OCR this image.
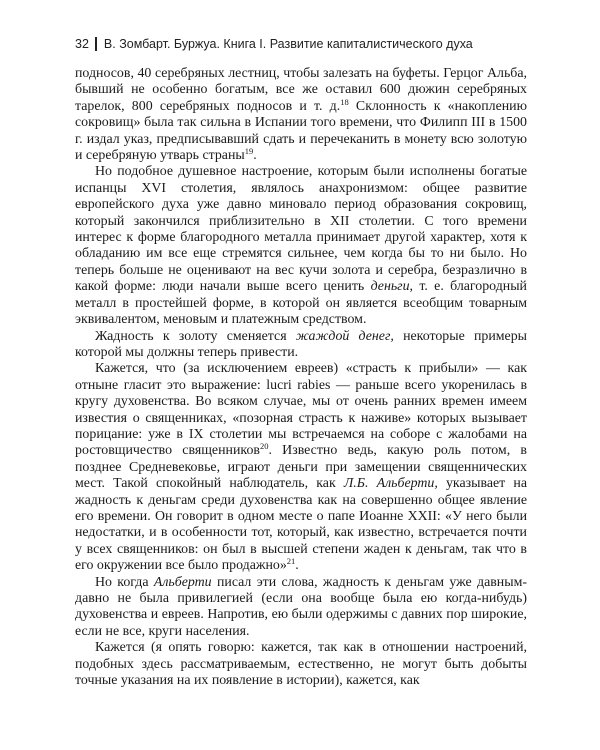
32 В. Зомбарт. Буржуа. Книга I. Развитие капиталистического духа

подносов, 40 серебряных лестниц, чтобы залезать на буфеты. Герцог Альба, бывший не особенно богатым, все же оставил 600 дюжин серебряных тарелок, 800 серебряных подносов и т. д.$^{18}$ Склонность к «накоплению сокровищ» была так сильна в Испании того времени, что Филипп III в 1500 г. издал указ, предписывавший сдать и перечеканить в монету всю золотую и серебряную утварь страны$^{19}$.

Но подобное душевное настроение, которым были исполнены богатые испанцы XVI столетия, являлось анахронизмом: общее развитие европейского духа уже давно миновало период образования сокровищ, который закончился приблизительно в XII столетии. С того времени интерес к форме благородного металла принимает другой характер, хотя к обладанию им все еще стремятся сильнее, чем когда бы то ни было. Но теперь больше не оценивают на вес кучи золота и серебра, безразлично в какой форме: люди начали выше всего ценить деньги, т. е. благородный металл в простейшей форме, в которой он является всеобщим товарным эквивалентом, меновым и платежным средством.

Жадность к золоту сменяется жаждой денег, некоторые примеры которой мы должны теперь привести.

Кажется, что (за исключением евреев) «страсть к прибыли» — как отныне гласит это выражение: lucri rabies — раньше всего укоренилась в кругу духовенства. Во всяком случае, мы от очень ранних времен имеем известия о священниках, «позорная страсть к наживе» которых вызывает порицание: уже в IX столетии мы встречаемся на соборе с жалобами на ростовщичество священников$^{20}$. Известно ведь, какую роль потом, в позднее Средневековье, играют деньги при замещении священнических мест. Такой спокойный наблюдатель, как Л.Б. Альберти, указывает на жадность к деньгам среди духовенства как на совершенно общее явление его времени. Он говорит в одном месте о папе Иоанне XXII: «У него были недостатки, и в особенности тот, который, как известно, встречается почти у всех священников: он был в высшей степени жаден к деньгам, так что в его окружении все было продажно»$^{21}$.

Но когда Альберти писал эти слова, жадность к деньгам уже давным-давно не была привилегией (если она вообще была ею когда-нибудь) духовенства и евреев. Напротив, ею были одержимы с давних пор широкие, если не все, круги населения.

Кажется (я опять говорю: кажется, так как в отношении настроений, подобных здесь рассматриваемым, естественно, не могут быть добыты точные указания на их появление в истории), кажется, как
